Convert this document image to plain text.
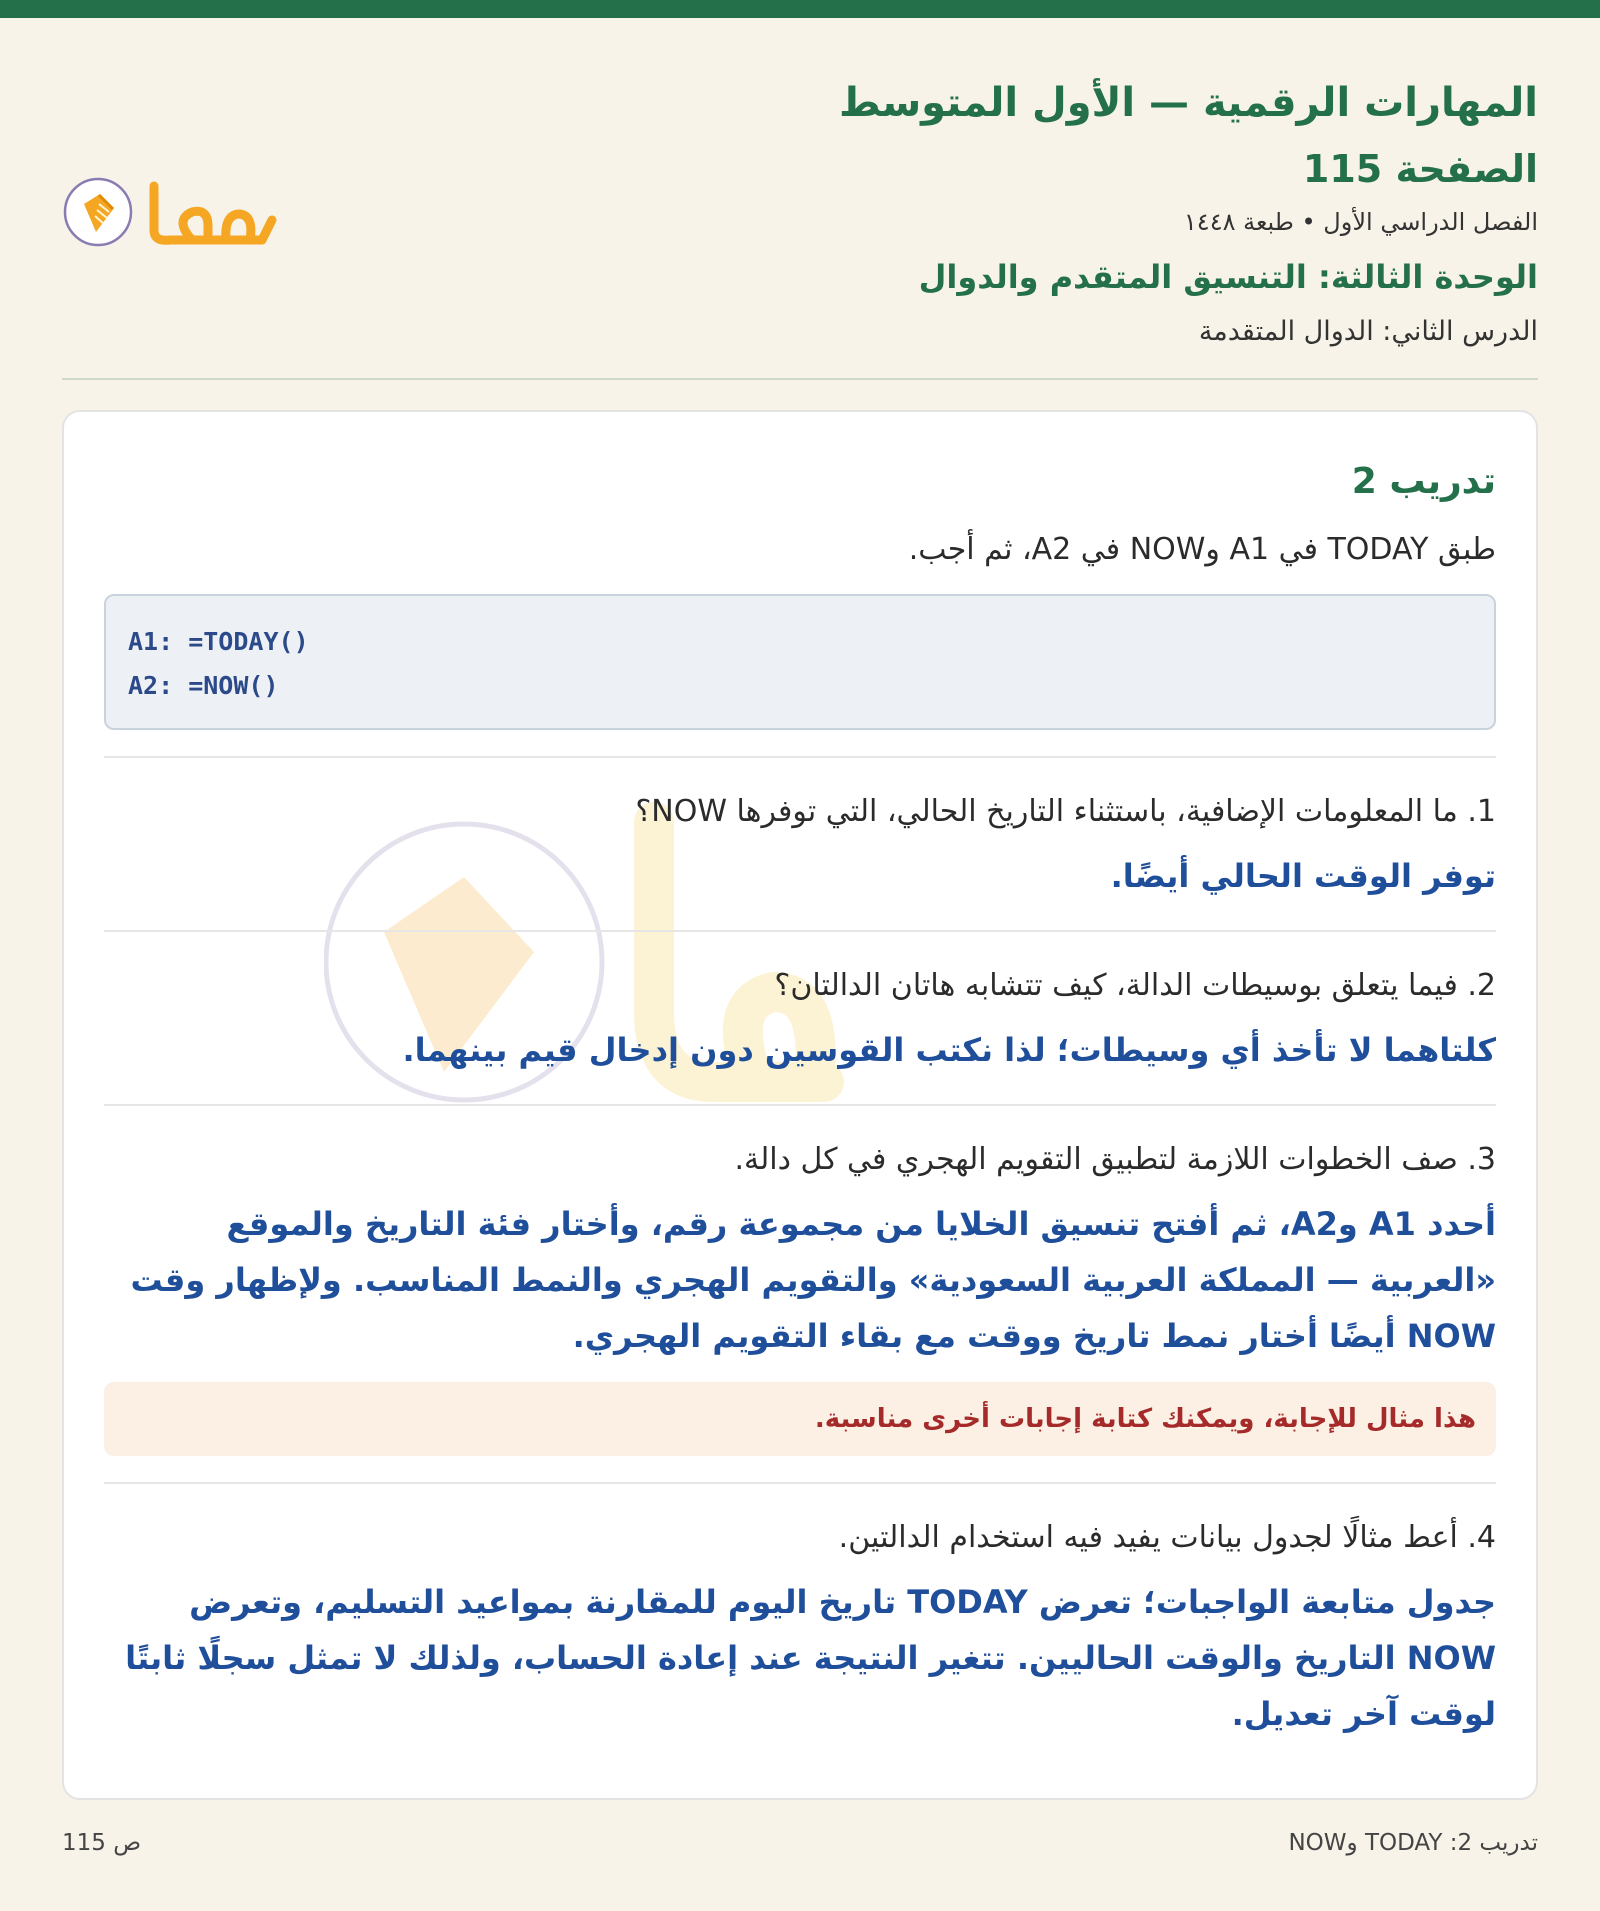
المهارات الرقمية — الأول المتوسط
الصفحة 115
الفصل الدراسي الأول • طبعة ١٤٤٨
الوحدة الثالثة: التنسيق المتقدم والدوال
الدرس الثاني: الدوال المتقدمة
تدريب 2
طبق TODAY في A1 وNOW في A2، ثم أجب.
A1: =TODAY()
A2: =NOW()
1. ما المعلومات الإضافية، باستثناء التاريخ الحالي، التي توفرها NOW؟
توفر الوقت الحالي أيضًا.
2. فيما يتعلق بوسيطات الدالة، كيف تتشابه هاتان الدالتان؟
كلتاهما لا تأخذ أي وسيطات؛ لذا نكتب القوسين دون إدخال قيم بينهما.
3. صف الخطوات اللازمة لتطبيق التقويم الهجري في كل دالة.
أحدد A1 وA2، ثم أفتح تنسيق الخلايا من مجموعة رقم، وأختار فئة التاريخ والموقع «العربية — المملكة العربية السعودية» والتقويم الهجري والنمط المناسب. ولإظهار وقت NOW أيضًا أختار نمط تاريخ ووقت مع بقاء التقويم الهجري.
هذا مثال للإجابة، ويمكنك كتابة إجابات أخرى مناسبة.
4. أعط مثالًا لجدول بيانات يفيد فيه استخدام الدالتين.
جدول متابعة الواجبات؛ تعرض TODAY تاريخ اليوم للمقارنة بمواعيد التسليم، وتعرض NOW التاريخ والوقت الحاليين. تتغير النتيجة عند إعادة الحساب، ولذلك لا تمثل سجلًا ثابتًا لوقت آخر تعديل.
تدريب 2: TODAY وNOW
ص 115
